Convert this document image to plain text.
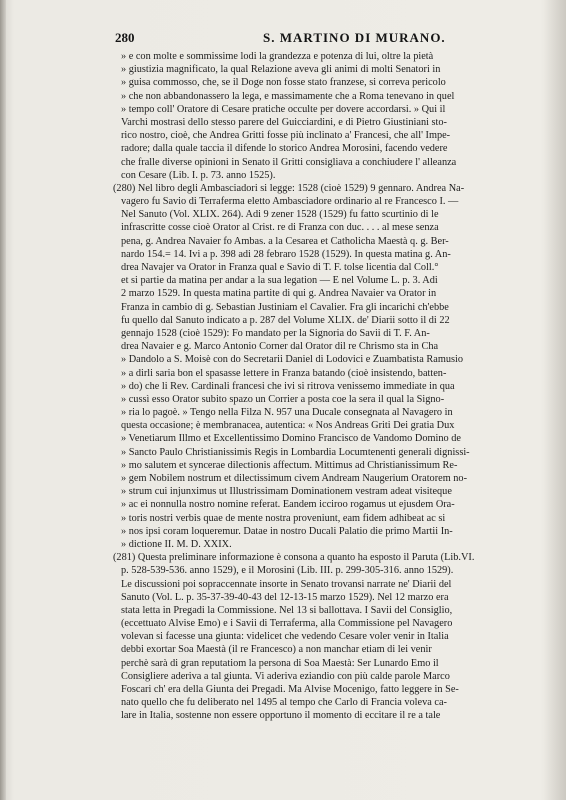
280	S. MARTINO DI MURANO.
» e con molte e sommissime lodi la grandezza e potenza di lui, oltre la pietà
» giustizia magnificato, la qual Relazione aveva gli animi di molti Senatori in
» guisa commosso, che, se il Doge non fosse stato franzese, si correva pericolo
» che non abbandonassero la lega, e massimamente che a Roma tenevano in quel
» tempo coll' Oratore di Cesare pratiche occulte per dovere accordarsi. » Qui il
Varchi mostrasi dello stesso parere del Guicciardini, e di Pietro Giustiniani sto-
rico nostro, cioè, che Andrea Gritti fosse più inclinato a' Francesi, che all' Impe-
radore; dalla quale taccia il difende lo storico Andrea Morosini, facendo vedere
che fralle diverse opinioni in Senato il Gritti consigliava a conchiudere l' alleanza
con Cesare (Lib. I. p. 73. anno 1525).
(280) Nel libro degli Ambasciadori si legge: 1528 (cioè 1529) 9 gennaro. Andrea Na-
vagero fu Savio di Terraferma eletto Ambasciadore ordinario al re Francesco I. —
Nel Sanuto (Vol. XLIX. 264). Adi 9 zener 1528 (1529) fu fatto scurtinio di le
infrascritte cosse cioè Orator al Crist. re di Franza con duc. . . . al mese senza
pena, g. Andrea Navaier fo Ambas. a la Cesarea et Catholicha Maestà q. g. Ber-
nardo 154.= 14. Ivi a p. 398 adi 28 febraro 1528 (1529). In questa matina g. An-
drea Navajer va Orator in Franza qual e Savio di T. F. tolse licentia dal Coll.°
et si partie da matina per andar a la sua legation — E nel Volume L. p. 3. Adi
2 marzo 1529. In questa matina partite di qui g. Andrea Navaier va Orator in
Franza in cambio di g. Sebastian Justiniam el Cavalier. Fra gli incarichi ch'ebbe
fu quello dal Sanuto indicato a p. 287 del Volume XLIX. de' Diarii sotto il di 22
gennajo 1528 (cioè 1529): Fo mandato per la Signoria do Savii di T. F. An-
drea Navaier e g. Marco Antonio Corner dal Orator dil re Chrismo sta in Cha
» Dandolo a S. Moisè con do Secretarii Daniel di Lodovici e Zuambatista Ramusio
» a dirli saria bon el spasasse lettere in Franza batando (cioè insistendo, batten-
» do) che li Rev. Cardinali francesi che ivi si ritrova venissemo immediate in qua
» cussì esso Orator subito spazo un Corrier a posta coe la sera il qual la Signo-
» ria lo pagoè. » Tengo nella Filza N. 957 una Ducale consegnata al Navagero in
questa occasione; è membranacea, autentica: « Nos Andreas Griti Dei gratia Dux
» Venetiarum Illmo et Excellentissimo Domino Francisco de Vandomo Domino de
» Sancto Paulo Christianissimis Regis in Lombardia Locumtenenti generali dignissi-
» mo salutem et syncerae dilectionis affectum. Mittimus ad Christianissimum Re-
» gem Nobilem nostrum et dilectissimum civem Andream Naugerium Oratorem no-
» strum cui injunximus ut Illustrissimam Dominationem vestram adeat visiteque
» ac ei nonnulla nostro nomine referat. Eandem icciroo rogamus ut ejusdem Ora-
» toris nostri verbis quae de mente nostra proveniunt, eam fidem adhibeat ac si
» nos ipsi coram loqueremur. Datae in nostro Ducali Palatio die primo Martii In-
» dictione II. M. D. XXIX.
(281) Questa preliminare informazione è consona a quanto ha esposto il Paruta (Lib.VI.
p. 528-539-536. anno 1529), e il Morosini (Lib. III. p. 299-305-316. anno 1529).
Le discussioni poi sopraccennate insorte in Senato trovansi narrate ne' Diarii del
Sanuto (Vol. L. p. 35-37-39-40-43 del 12-13-15 marzo 1529). Nel 12 marzo era
stata letta in Pregadi la Commissione. Nel 13 si ballottava. I Savii del Consiglio,
(eccettuato Alvise Emo) e i Savii di Terraferma, alla Commissione pel Navagero
volevan si facesse una giunta: videlicet che vedendo Cesare voler venir in Italia
debbi exortar Soa Maestà (il re Francesco) a non manchar etiam di lei venir
perchè sarà di gran reputatiom la persona di Soa Maestà: Ser Lunardo Emo il
Consigliere aderiva a tal giunta. Vi aderiva eziandio con più calde parole Marco
Foscari ch' era della Giunta dei Pregadi. Ma Alvise Mocenigo, fatto leggere in Se-
nato quello che fu deliberato nel 1495 al tempo che Carlo di Francia voleva ca-
lare in Italia, sostenne non essere opportuno il momento di eccitare il re a tale
